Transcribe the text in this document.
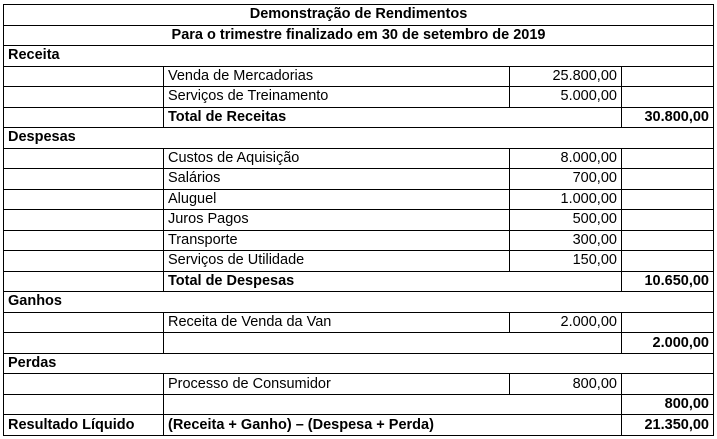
Demonstração de Rendimentos			
Para o trimestre finalizado em 30 de setembro de 2019			
Receita			
	Venda de Mercadorias	25.800,00	
	Serviços de Treinamento	5.000,00	
	Total de Receitas		30.800,00
Despesas			
	Custos de Aquisição	8.000,00	
	Salários	700,00	
	Aluguel	1.000,00	
	Juros Pagos	500,00	
	Transporte	300,00	
	Serviços de Utilidade	150,00	
	Total de Despesas		10.650,00
Ganhos			
	Receita de Venda da Van	2.000,00	
			2.000,00
Perdas			
	Processo de Consumidor	800,00	
			800,00
Resultado Líquido	(Receita + Ganho) – (Despesa + Perda)		21.350,00
